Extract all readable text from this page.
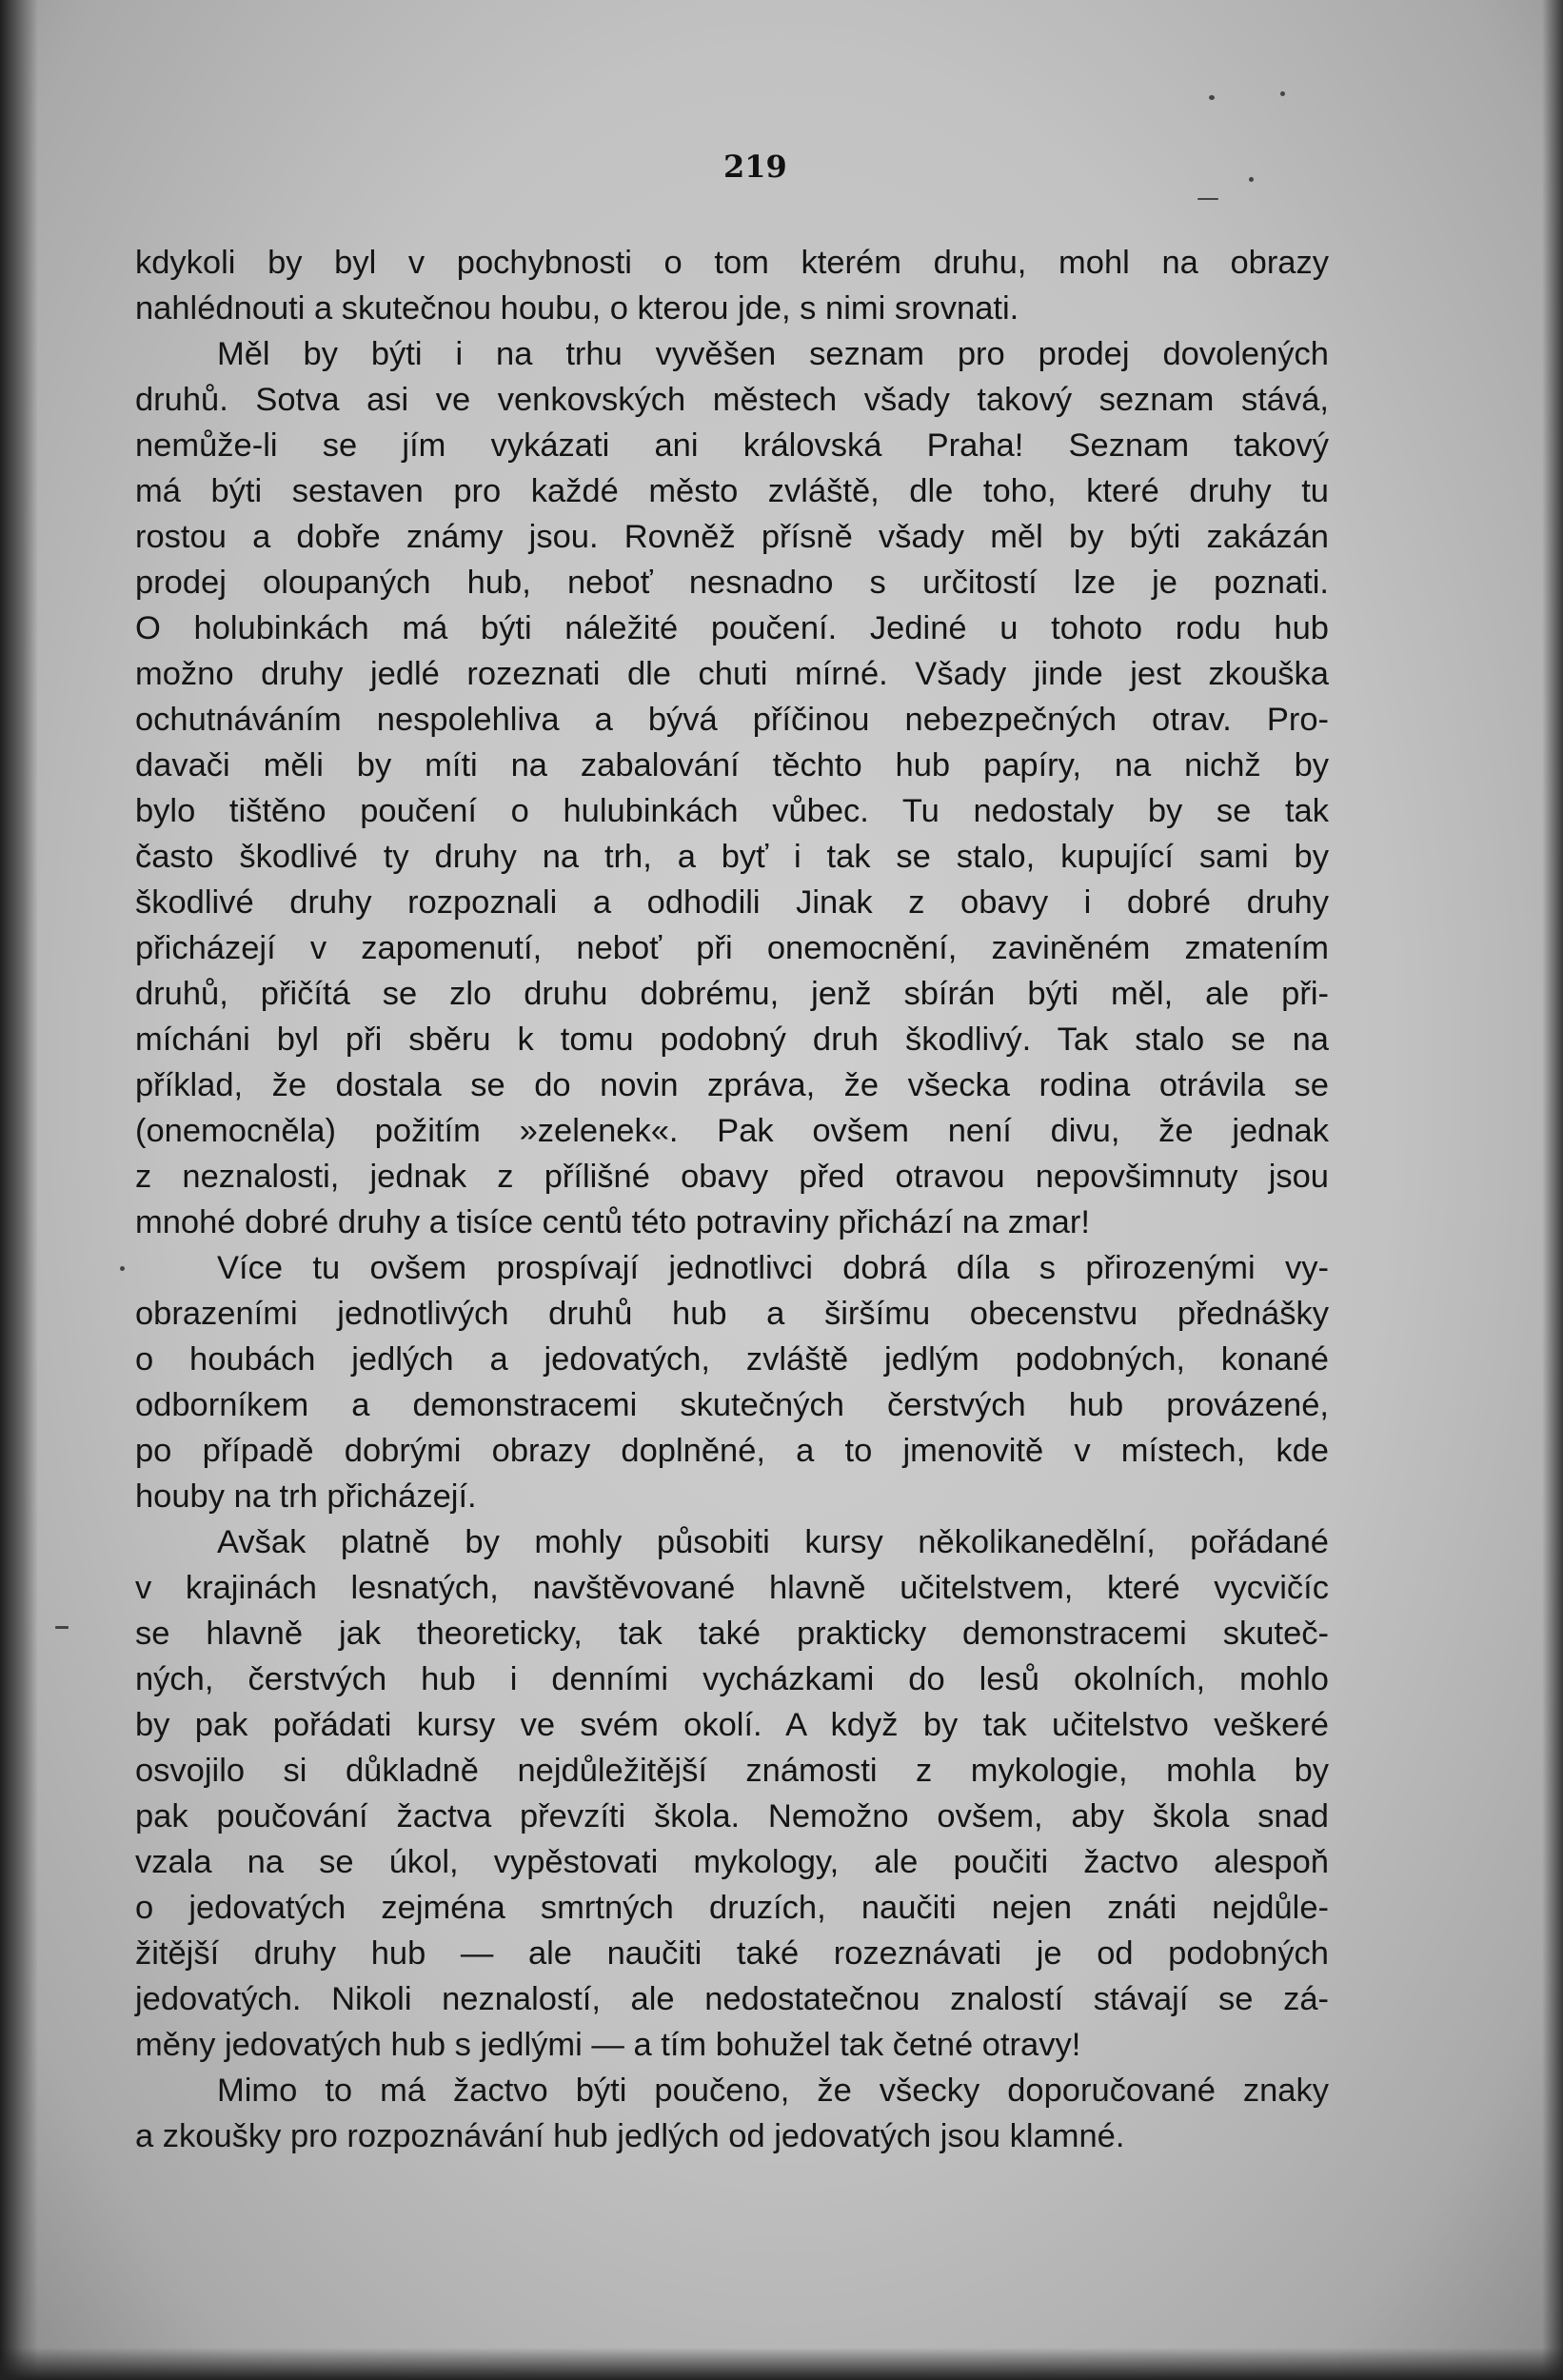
219
kdykoli by byl v pochybnosti o tom kterém druhu, mohl na obrazy
nahlédnouti a skutečnou houbu, o kterou jde, s nimi srovnati.
Měl by býti i na trhu vyvěšen seznam pro prodej dovolených
druhů. Sotva asi ve venkovských městech všady takový seznam stává,
nemůže-li se jím vykázati ani královská Praha! Seznam takový
má býti sestaven pro každé město zvláště, dle toho, které druhy tu
rostou a dobře známy jsou. Rovněž přísně všady měl by býti zakázán
prodej oloupaných hub, neboť nesnadno s určitostí lze je poznati.
O holubinkách má býti náležité poučení. Jediné u tohoto rodu hub
možno druhy jedlé rozeznati dle chuti mírné. Všady jinde jest zkouška
ochutnáváním nespolehliva a bývá příčinou nebezpečných otrav. Pro-
davači měli by míti na zabalování těchto hub papíry, na nichž by
bylo tištěno poučení o hulubinkách vůbec. Tu nedostaly by se tak
často škodlivé ty druhy na trh, a byť i tak se stalo, kupující sami by
škodlivé druhy rozpoznali a odhodili Jinak z obavy i dobré druhy
přicházejí v zapomenutí, neboť při onemocnění, zaviněném zmatením
druhů, přičítá se zlo druhu dobrému, jenž sbírán býti měl, ale při-
mícháni byl při sběru k tomu podobný druh škodlivý. Tak stalo se na
příklad, že dostala se do novin zpráva, že všecka rodina otrávila se
(onemocněla) požitím »zelenek«. Pak ovšem není divu, že jednak
z neznalosti, jednak z přílišné obavy před otravou nepovšimnuty jsou
mnohé dobré druhy a tisíce centů této potraviny přichází na zmar!
Více tu ovšem prospívají jednotlivci dobrá díla s přirozenými vy-
obrazeními jednotlivých druhů hub a širšímu obecenstvu přednášky
o houbách jedlých a jedovatých, zvláště jedlým podobných, konané
odborníkem a demonstracemi skutečných čerstvých hub provázené,
po případě dobrými obrazy doplněné, a to jmenovitě v místech, kde
houby na trh přicházejí.
Avšak platně by mohly působiti kursy několikanedělní, pořádané
v krajinách lesnatých, navštěvované hlavně učitelstvem, které vycvičíc
se hlavně jak theoreticky, tak také prakticky demonstracemi skuteč-
ných, čerstvých hub i denními vycházkami do lesů okolních, mohlo
by pak pořádati kursy ve svém okolí. A když by tak učitelstvo veškeré
osvojilo si důkladně nejdůležitější známosti z mykologie, mohla by
pak poučování žactva převzíti škola. Nemožno ovšem, aby škola snad
vzala na se úkol, vypěstovati mykology, ale poučiti žactvo alespoň
o jedovatých zejména smrtných druzích, naučiti nejen znáti nejdůle-
žitější druhy hub — ale naučiti také rozeznávati je od podobných
jedovatých. Nikoli neznalostí, ale nedostatečnou znalostí stávají se zá-
měny jedovatých hub s jedlými — a tím bohužel tak četné otravy!
Mimo to má žactvo býti poučeno, že všecky doporučované znaky
a zkoušky pro rozpoznávání hub jedlých od jedovatých jsou klamné.
